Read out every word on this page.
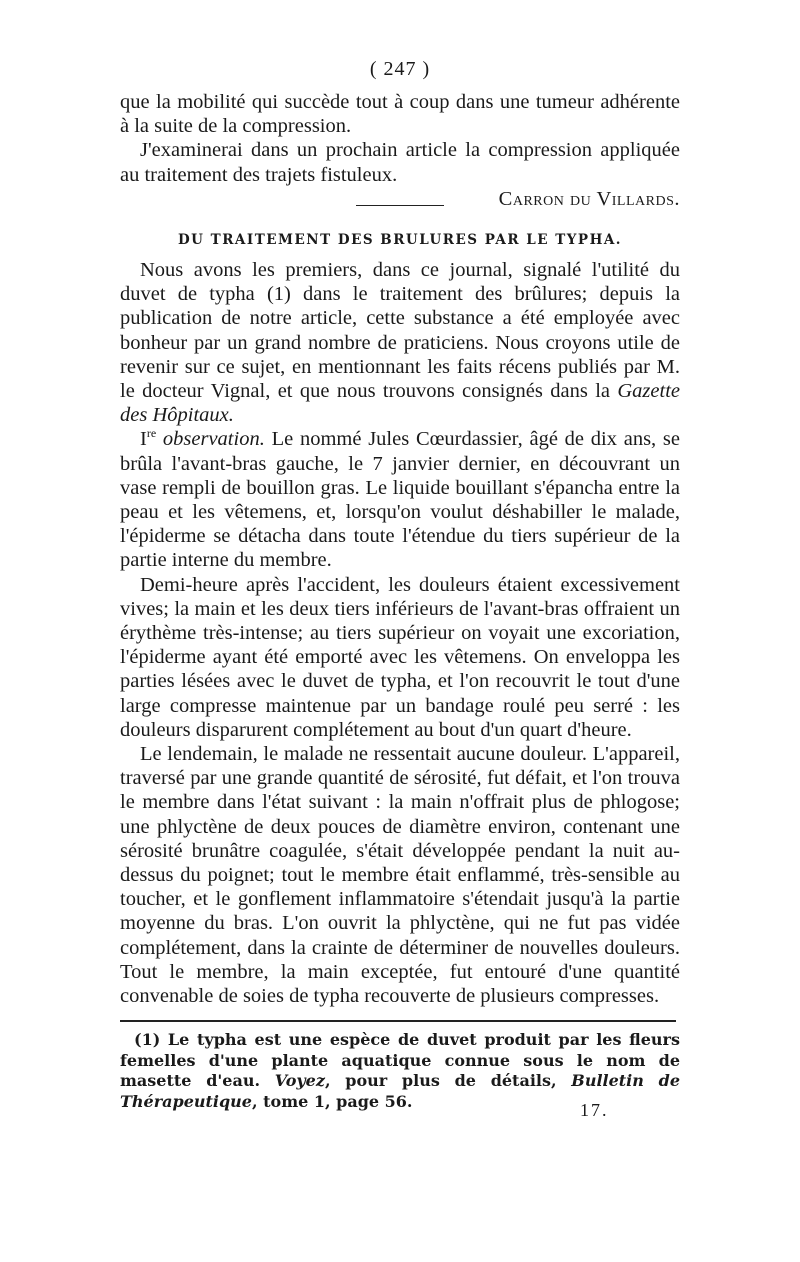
( 247 )

que la mobilité qui succède tout à coup dans une tumeur adhérente à la suite de la compression.

J'examinerai dans un prochain article la compression appliquée au traitement des trajets fistuleux.

Carron du Villards.

DU TRAITEMENT DES BRULURES PAR LE TYPHA.

Nous avons les premiers, dans ce journal, signalé l'utilité du duvet de typha (1) dans le traitement des brûlures; depuis la publication de notre article, cette substance a été employée avec bonheur par un grand nombre de praticiens. Nous croyons utile de revenir sur ce sujet, en mentionnant les faits récens publiés par M. le docteur Vignal, et que nous trouvons consignés dans la Gazette des Hôpitaux.

Ire observation. Le nommé Jules Cœurdassier, âgé de dix ans, se brûla l'avant-bras gauche, le 7 janvier dernier, en découvrant un vase rempli de bouillon gras. Le liquide bouillant s'épancha entre la peau et les vêtemens, et, lorsqu'on voulut déshabiller le malade, l'épiderme se détacha dans toute l'étendue du tiers supérieur de la partie interne du membre.

Demi-heure après l'accident, les douleurs étaient excessivement vives; la main et les deux tiers inférieurs de l'avant-bras offraient un érythème très-intense; au tiers supérieur on voyait une excoriation, l'épiderme ayant été emporté avec les vêtemens. On enveloppa les parties lésées avec le duvet de typha, et l'on recouvrit le tout d'une large compresse maintenue par un bandage roulé peu serré : les douleurs disparurent complétement au bout d'un quart d'heure.

Le lendemain, le malade ne ressentait aucune douleur. L'appareil, traversé par une grande quantité de sérosité, fut défait, et l'on trouva le membre dans l'état suivant : la main n'offrait plus de phlogose; une phlyctène de deux pouces de diamètre environ, contenant une sérosité brunâtre coagulée, s'était développée pendant la nuit au-dessus du poignet; tout le membre était enflammé, très-sensible au toucher, et le gonflement inflammatoire s'étendait jusqu'à la partie moyenne du bras. L'on ouvrit la phlyctène, qui ne fut pas vidée complétement, dans la crainte de déterminer de nouvelles douleurs. Tout le membre, la main exceptée, fut entouré d'une quantité convenable de soies de typha recouverte de plusieurs compresses.

(1) Le typha est une espèce de duvet produit par les fleurs femelles d'une plante aquatique connue sous le nom de masette d'eau. Voyez, pour plus de détails, Bulletin de Thérapeutique, tome 1, page 56.	17.
